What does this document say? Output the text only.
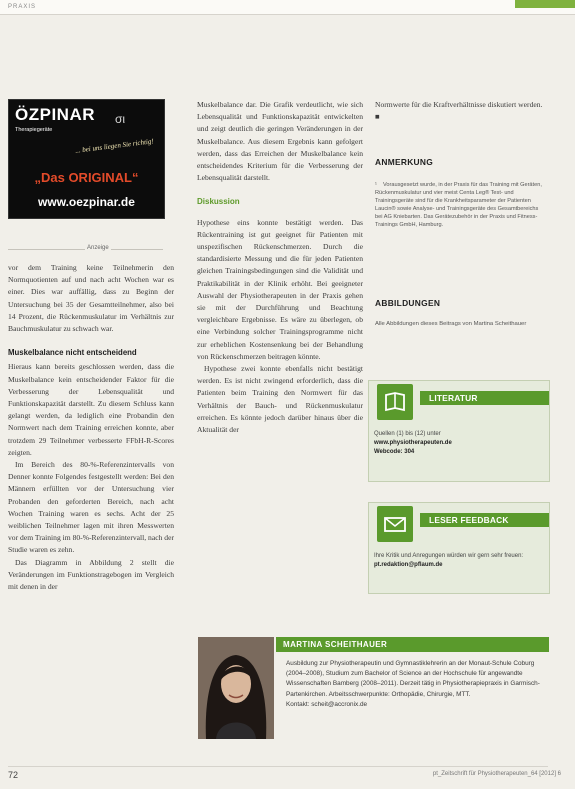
PRAXIS
ÖZPINAR σι
Therapiegeräte
... bei uns liegen Sie richtig!
„Das ORIGINAL“
www.oezpinar.de
Anzeige

vor dem Training keine Teilnehmerin den Normquotienten auf und nach acht Wochen war es einer. Dies war auffällig, dass zu Beginn der Untersuchung bei 35 der Gesamtteilnehmer, also bei 14 Prozent, die Rückenmuskulatur im Verhältnis zur Bauchmuskulatur zu schwach war.

Muskelbalance nicht entscheidend

Hieraus kann bereits geschlossen werden, dass die Muskelbalance kein entscheidender Faktor für die Verbesserung der Lebensqualität und Funktionskapazität darstellt. Zu diesem Schluss kann gelangt werden, da lediglich eine Probandin den Normwert nach dem Training erreichen konnte, aber trotzdem 29 Teilnehmer verbesserte FFbH-R-Scores zeigten.

Im Bereich des 80-%-Referenzintervalls von Denner konnte Folgendes festgestellt werden: Bei den Männern erfüllten vor der Untersuchung vier Probanden den geforderten Bereich, nach acht Wochen Training waren es sechs. Acht der 25 weiblichen Teilnehmer lagen mit ihren Messwerten vor dem Training im 80-%-Referenzintervall, nach der Studie waren es zehn.

Das Diagramm in Abbildung 2 stellt die Veränderungen im Funktionstragebogen im Vergleich mit denen in der

Muskelbalance dar. Die Grafik verdeutlicht, wie sich Lebensqualität und Funktionskapazität entwickelten und zeigt deutlich die geringen Veränderungen in der Muskelbalance. Aus diesem Ergebnis kann gefolgert werden, dass das Erreichen der Muskelbalance kein entscheidendes Kriterium für die Verbesserung der Lebensqualität darstellt.

Diskussion

Hypothese eins konnte bestätigt werden. Das Rückentraining ist gut geeignet für Patienten mit unspezifischen Rückenschmerzen. Durch die standardisierte Messung und die für jeden Patienten gleichen Trainingsbedingungen sind die Validität und Praktikabilität in der Klinik erhöht. Bei geeigneter Auswahl der Physiotherapeuten in der Praxis gehen sie mit der Durchführung und Beachtung vergleichbare Ergebnisse. Es wäre zu überlegen, ob eine Verbindung solcher Trainingsprogramme nicht zur erheblichen Kostensenkung bei der Behandlung von Rückenschmerzen beitragen könnte.

Hypothese zwei konnte ebenfalls nicht bestätigt werden. Es ist nicht zwingend erforderlich, dass die Patienten beim Training den Normwert für das Verhältnis der Bauch- und Rückenmuskulatur erreichen. Es könnte jedoch darüber hinaus über die Aktualität der

Normwerte für die Kraftverhältnisse diskutiert werden. ■
ANMERKUNG
¹ Vorausgesetzt wurde, in der Praxis für das Training mit Geräten, Rückenmuskulatur und vier meist Centa Leg® Test- und Trainingsgeräte sind für die Krankheitsparameter der Patienten Laucin® sowie Analyse- und Trainingsgeräte des Gesamtbereichs bei AG Kniebarten. Das Gerätezubehör in der Praxis und Fitness-Trainings GmbH, Hamburg.
ABBILDUNGEN
Alle Abbildungen dieses Beitrags von Martina Scheithauer
LITERATUR
Quellen (1) bis (12) unter
www.physiotherapeuten.de
Webcode: 304
LESER FEEDBACK
Ihre Kritik und Anregungen würden wir gern sehr freuen:
pt.redaktion@pflaum.de
MARTINA SCHEITHAUER
Ausbildung zur Physiotherapeutin und Gymnastiklehrerin an der Monaut-Schule Coburg (2004–2008), Studium zum Bachelor of Science an der Hochschule für angewandte Wissenschaften Bamberg (2008–2011). Derzeit tätig in Physiotherapiepraxis in Garmisch-Partenkirchen. Arbeitsschwerpunkte: Orthopädie, Chirurgie, MTT.
Kontakt: scheit@accronix.de
72	pt_Zeitschrift für Physiotherapeuten_64 [2012] 6
